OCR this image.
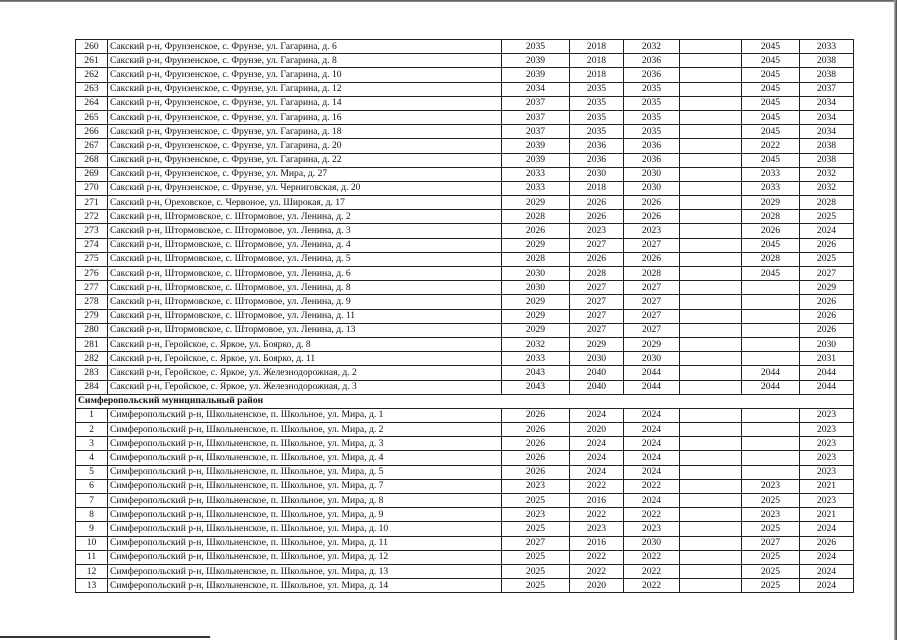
260	Сакский р-н, Фрунзенское, с. Фрунзе, ул. Гагарина, д. 6	2035	2018	2032		2045	2033
261	Сакский р-н, Фрунзенское, с. Фрунзе, ул. Гагарина, д. 8	2039	2018	2036		2045	2038
262	Сакский р-н, Фрунзенское, с. Фрунзе, ул. Гагарина, д. 10	2039	2018	2036		2045	2038
263	Сакский р-н, Фрунзенское, с. Фрунзе, ул. Гагарина, д. 12	2034	2035	2035		2045	2037
264	Сакский р-н, Фрунзенское, с. Фрунзе, ул. Гагарина, д. 14	2037	2035	2035		2045	2034
265	Сакский р-н, Фрунзенское, с. Фрунзе, ул. Гагарина, д. 16	2037	2035	2035		2045	2034
266	Сакский р-н, Фрунзенское, с. Фрунзе, ул. Гагарина, д. 18	2037	2035	2035		2045	2034
267	Сакский р-н, Фрунзенское, с. Фрунзе, ул. Гагарина, д. 20	2039	2036	2036		2022	2038
268	Сакский р-н, Фрунзенское, с. Фрунзе, ул. Гагарина, д. 22	2039	2036	2036		2045	2038
269	Сакский р-н, Фрунзенское, с. Фрунзе, ул. Мира, д. 27	2033	2030	2030		2033	2032
270	Сакский р-н, Фрунзенское, с. Фрунзе, ул. Черниговская, д. 20	2033	2018	2030		2033	2032
271	Сакский р-н, Ореховское, с. Червоное, ул. Широкая, д. 17	2029	2026	2026		2029	2028
272	Сакский р-н, Штормовское, с. Штормовое, ул. Ленина, д. 2	2028	2026	2026		2028	2025
273	Сакский р-н, Штормовское, с. Штормовое, ул. Ленина, д. 3	2026	2023	2023		2026	2024
274	Сакский р-н, Штормовское, с. Штормовое, ул. Ленина, д. 4	2029	2027	2027		2045	2026
275	Сакский р-н, Штормовское, с. Штормовое, ул. Ленина, д. 5	2028	2026	2026		2028	2025
276	Сакский р-н, Штормовское, с. Штормовое, ул. Ленина, д. 6	2030	2028	2028		2045	2027
277	Сакский р-н, Штормовское, с. Штормовое, ул. Ленина, д. 8	2030	2027	2027			2029
278	Сакский р-н, Штормовское, с. Штормовое, ул. Ленина, д. 9	2029	2027	2027			2026
279	Сакский р-н, Штормовское, с. Штормовое, ул. Ленина, д. 11	2029	2027	2027			2026
280	Сакский р-н, Штормовское, с. Штормовое, ул. Ленина, д. 13	2029	2027	2027			2026
281	Сакский р-н, Геройское, с. Яркое, ул. Боярко, д. 8	2032	2029	2029			2030
282	Сакский р-н, Геройское, с. Яркое, ул. Боярко, д. 11	2033	2030	2030			2031
283	Сакский р-н, Геройское, с. Яркое, ул. Железнодорожная, д. 2	2043	2040	2044		2044	2044
284	Сакский р-н, Геройское, с. Яркое, ул. Железнодорожная, д. 3	2043	2040	2044		2044	2044
Симферопольский муниципальный район							
1	Симферопольский р-н, Школьненское, п. Школьное, ул. Мира, д. 1	2026	2024	2024			2023
2	Симферопольский р-н, Школьненское, п. Школьное, ул. Мира, д. 2	2026	2020	2024			2023
3	Симферопольский р-н, Школьненское, п. Школьное, ул. Мира, д. 3	2026	2024	2024			2023
4	Симферопольский р-н, Школьненское, п. Школьное, ул. Мира, д. 4	2026	2024	2024			2023
5	Симферопольский р-н, Школьненское, п. Школьное, ул. Мира, д. 5	2026	2024	2024			2023
6	Симферопольский р-н, Школьненское, п. Школьное, ул. Мира, д. 7	2023	2022	2022		2023	2021
7	Симферопольский р-н, Школьненское, п. Школьное, ул. Мира, д. 8	2025	2016	2024		2025	2023
8	Симферопольский р-н, Школьненское, п. Школьное, ул. Мира, д. 9	2023	2022	2022		2023	2021
9	Симферопольский р-н, Школьненское, п. Школьное, ул. Мира, д. 10	2025	2023	2023		2025	2024
10	Симферопольский р-н, Школьненское, п. Школьное, ул. Мира, д. 11	2027	2016	2030		2027	2026
11	Симферопольский р-н, Школьненское, п. Школьное, ул. Мира, д. 12	2025	2022	2022		2025	2024
12	Симферопольский р-н, Школьненское, п. Школьное, ул. Мира, д. 13	2025	2022	2022		2025	2024
13	Симферопольский р-н, Школьненское, п. Школьное, ул. Мира, д. 14	2025	2020	2022		2025	2024
